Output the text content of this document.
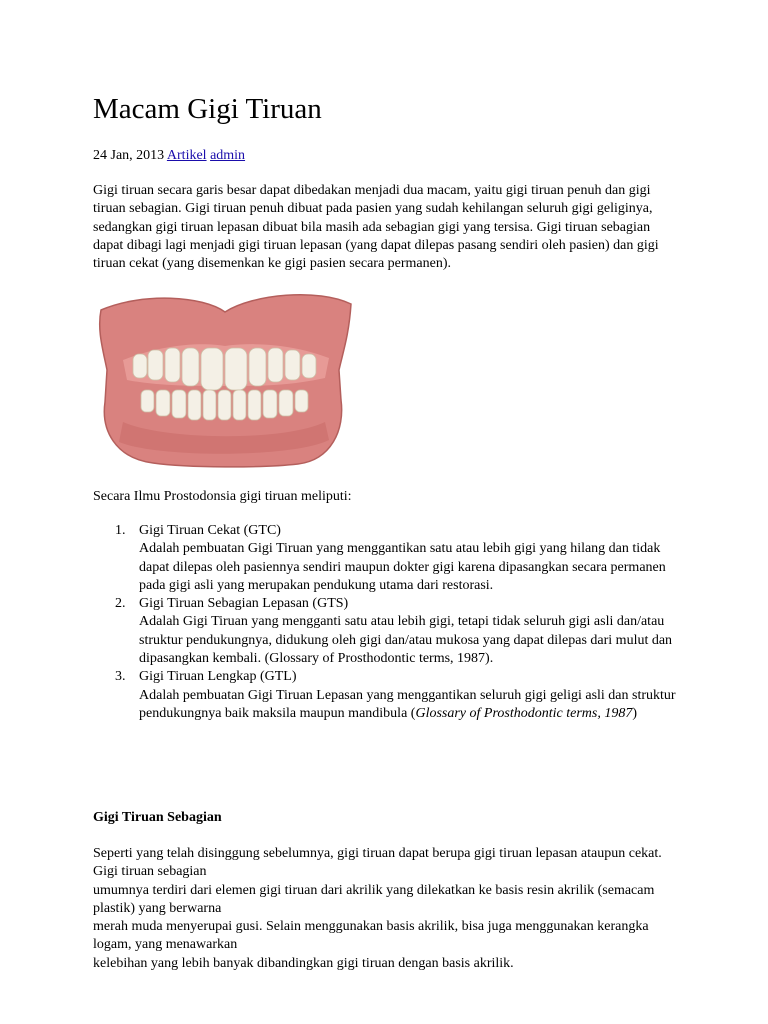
Macam Gigi Tiruan
24 Jan, 2013 Artikel admin

Gigi tiruan secara garis besar dapat dibedakan menjadi dua macam, yaitu gigi tiruan penuh dan gigi tiruan sebagian. Gigi tiruan penuh dibuat pada pasien yang sudah kehilangan seluruh gigi geliginya, sedangkan gigi tiruan lepasan dibuat bila masih ada sebagian gigi yang tersisa. Gigi tiruan sebagian dapat dibagi lagi menjadi gigi tiruan lepasan (yang dapat dilepas pasang sendiri oleh pasien) dan gigi tiruan cekat (yang disemenkan ke gigi pasien secara permanen).

Secara Ilmu Prostodonsia gigi tiruan meliputi:

1. Gigi Tiruan Cekat (GTC)
Adalah pembuatan Gigi Tiruan yang menggantikan satu atau lebih gigi yang hilang dan tidak dapat dilepas oleh pasiennya sendiri maupun dokter gigi karena dipasangkan secara permanen pada gigi asli yang merupakan pendukung utama dari restorasi.
2. Gigi Tiruan Sebagian Lepasan (GTS)
Adalah Gigi Tiruan yang mengganti satu atau lebih gigi, tetapi tidak seluruh gigi asli dan/atau struktur pendukungnya, didukung oleh gigi dan/atau mukosa yang dapat dilepas dari mulut dan dipasangkan kembali. (Glossary of Prosthodontic terms, 1987).
3. Gigi Tiruan Lengkap (GTL)
Adalah pembuatan Gigi Tiruan Lepasan yang menggantikan seluruh gigi geligi asli dan struktur pendukungnya baik maksila maupun mandibula (Glossary of Prosthodontic terms, 1987)
Gigi Tiruan Sebagian
Seperti yang telah disinggung sebelumnya, gigi tiruan dapat berupa gigi tiruan lepasan ataupun cekat. Gigi tiruan sebagian
umumnya terdiri dari elemen gigi tiruan dari akrilik yang dilekatkan ke basis resin akrilik (semacam plastik) yang berwarna
merah muda menyerupai gusi. Selain menggunakan basis akrilik, bisa juga menggunakan kerangka logam, yang menawarkan
kelebihan yang lebih banyak dibandingkan gigi tiruan dengan basis akrilik.
